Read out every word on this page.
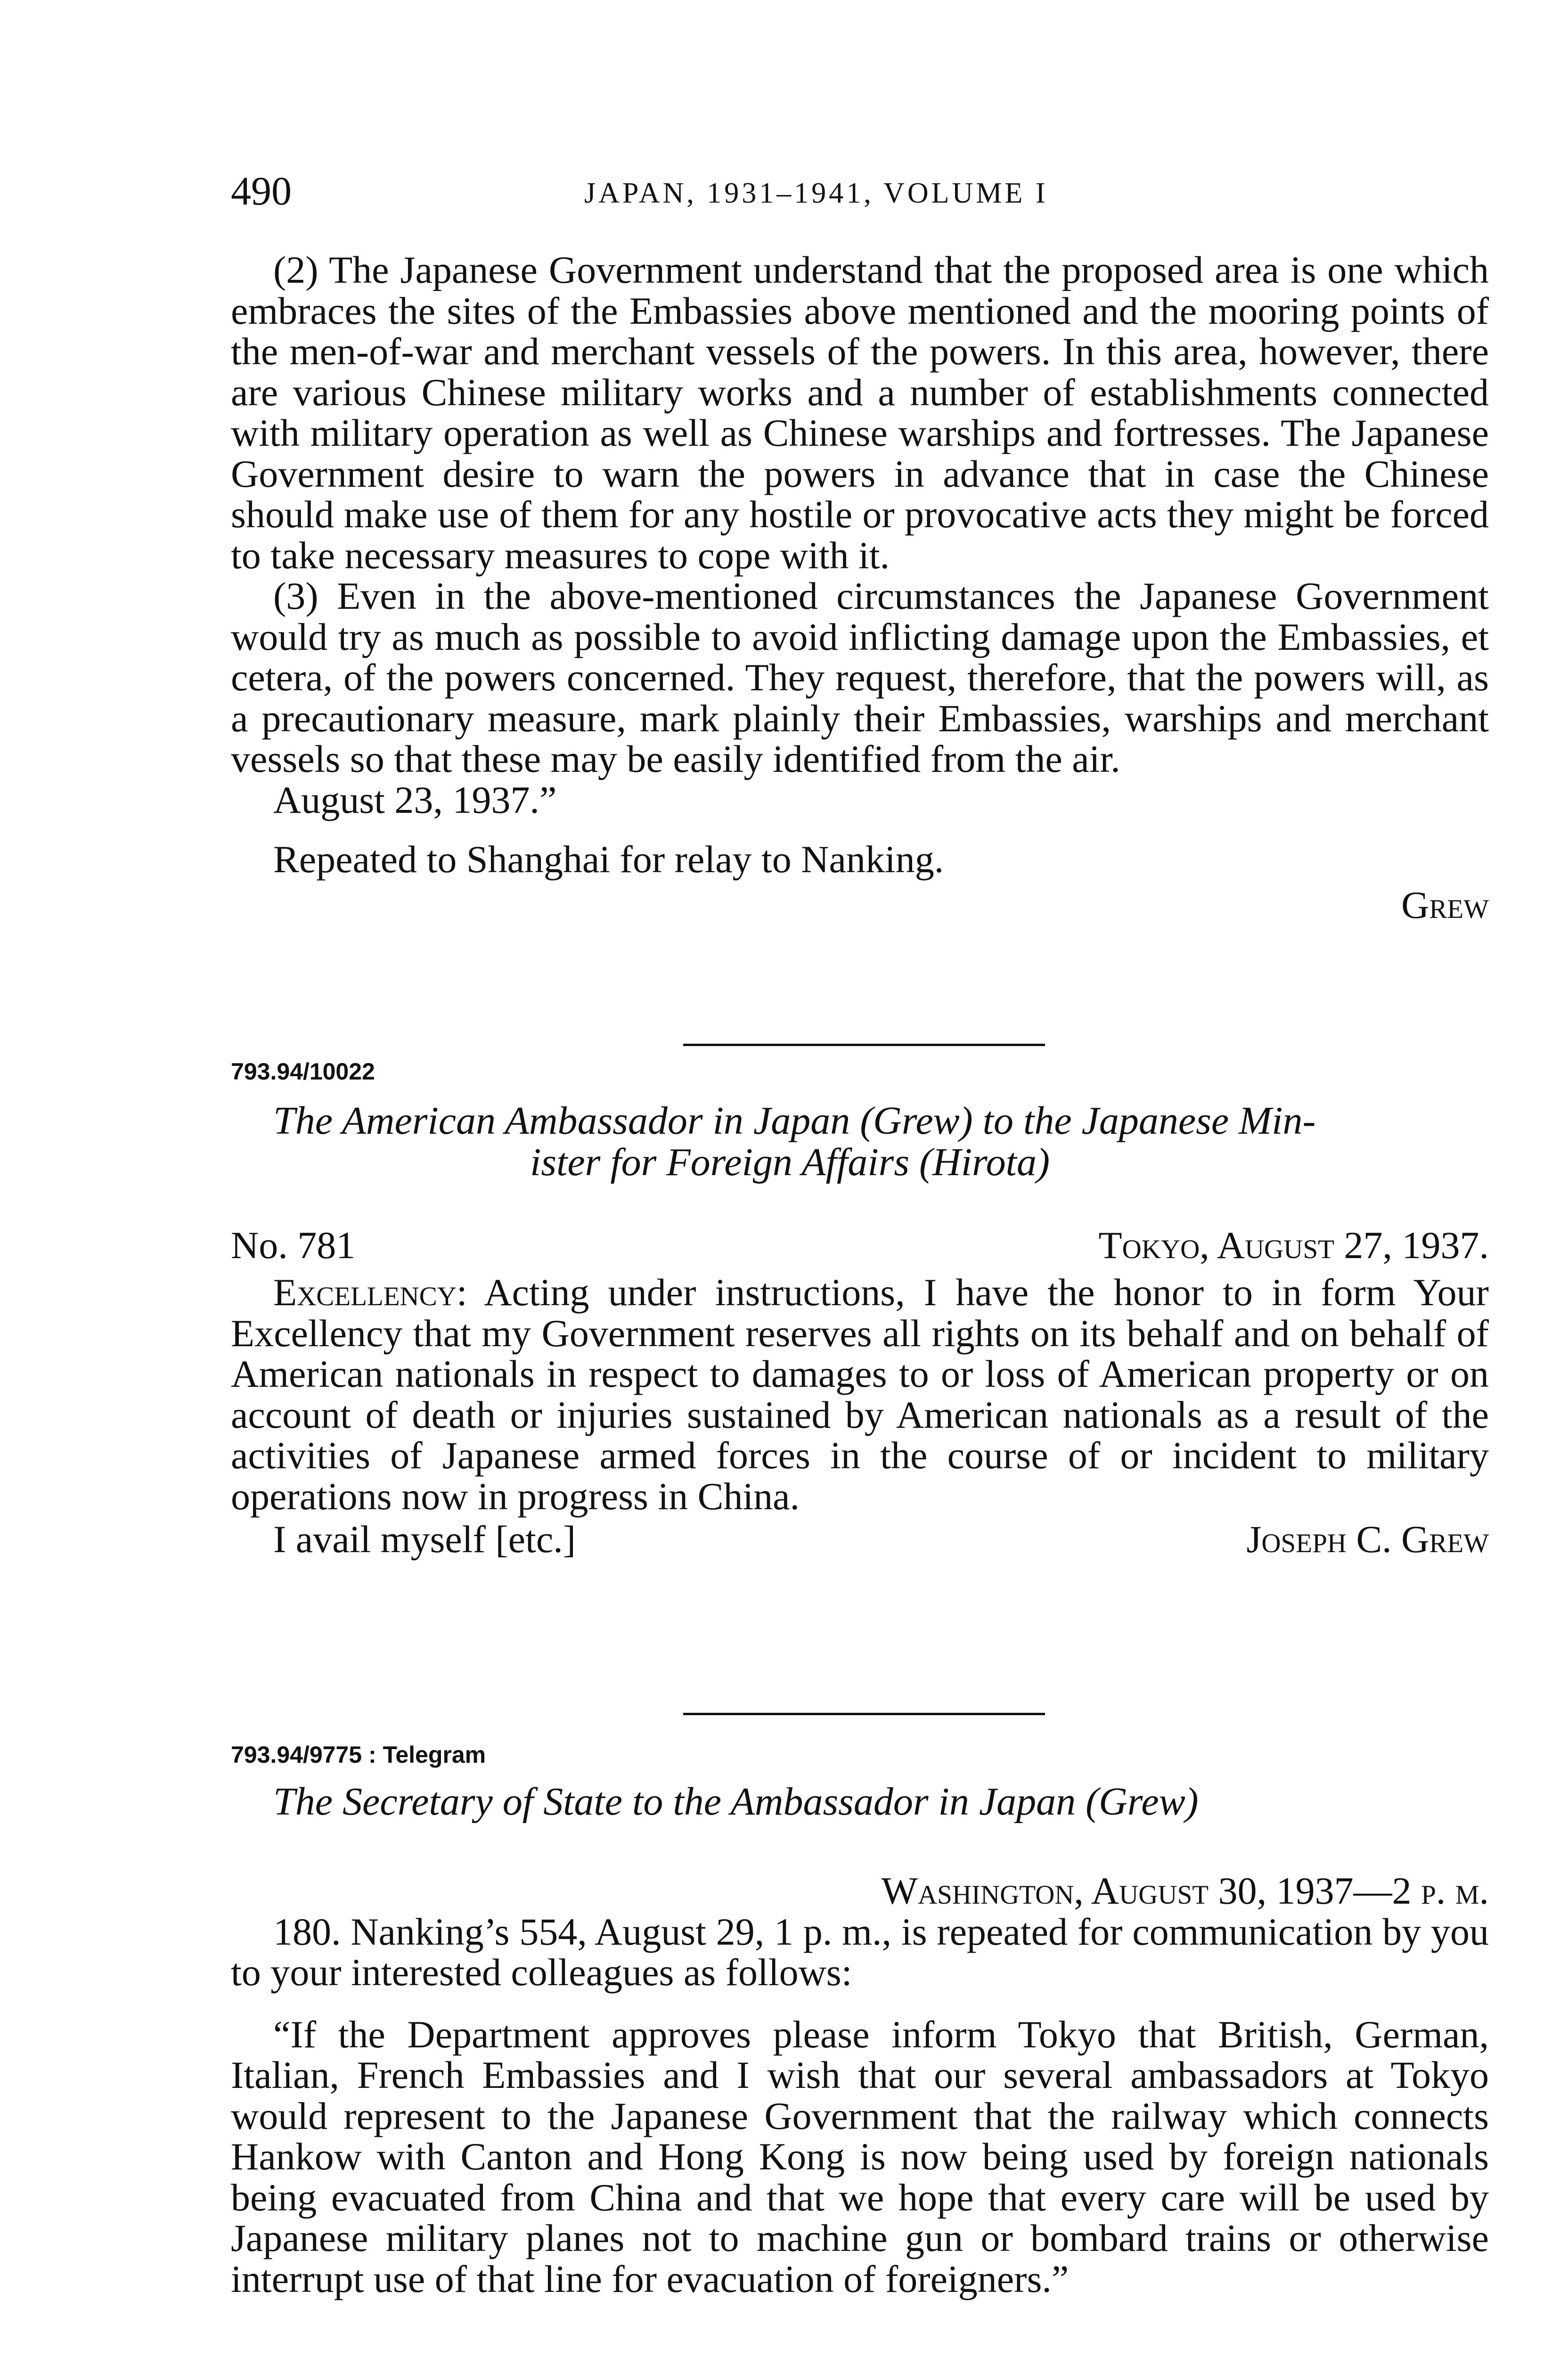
490	JAPAN, 1931–1941, VOLUME I

(2) The Japanese Government understand that the proposed area is one which embraces the sites of the Embassies above mentioned and the mooring points of the men-of-war and merchant vessels of the powers. In this area, however, there are various Chinese military works and a number of establishments connected with military operation as well as Chinese warships and fortresses. The Japanese Government desire to warn the powers in advance that in case the Chinese should make use of them for any hostile or provocative acts they might be forced to take necessary measures to cope with it.

(3) Even in the above-mentioned circumstances the Japanese Government would try as much as possible to avoid inflicting damage upon the Embassies, et cetera, of the powers concerned. They request, therefore, that the powers will, as a precautionary measure, mark plainly their Embassies, warships and merchant vessels so that these may be easily identified from the air.

August 23, 1937.”

Repeated to Shanghai for relay to Nanking.

Grew

793.94/10022

The American Ambassador in Japan (Grew) to the Japanese Min-

ister for Foreign Affairs (Hirota)

No. 781	Tokyo, August 27, 1937.

Excellency: Acting under instructions, I have the honor to in form Your Excellency that my Government reserves all rights on its behalf and on behalf of American nationals in respect to damages to or loss of American property or on account of death or injuries sustained by American nationals as a result of the activities of Japanese armed forces in the course of or incident to military operations now in progress in China.

I avail myself [etc.]	Joseph C. Grew
793.94/9775 : Telegram

The Secretary of State to the Ambassador in Japan (Grew)

Washington, August 30, 1937—2 p. m.

180. Nanking’s 554, August 29, 1 p. m., is repeated for communication by you to your interested colleagues as follows:

“If the Department approves please inform Tokyo that British, German, Italian, French Embassies and I wish that our several ambassadors at Tokyo would represent to the Japanese Government that the railway which connects Hankow with Canton and Hong Kong is now being used by foreign nationals being evacuated from China and that we hope that every care will be used by Japanese military planes not to machine gun or bombard trains or otherwise interrupt use of that line for evacuation of foreigners.”
